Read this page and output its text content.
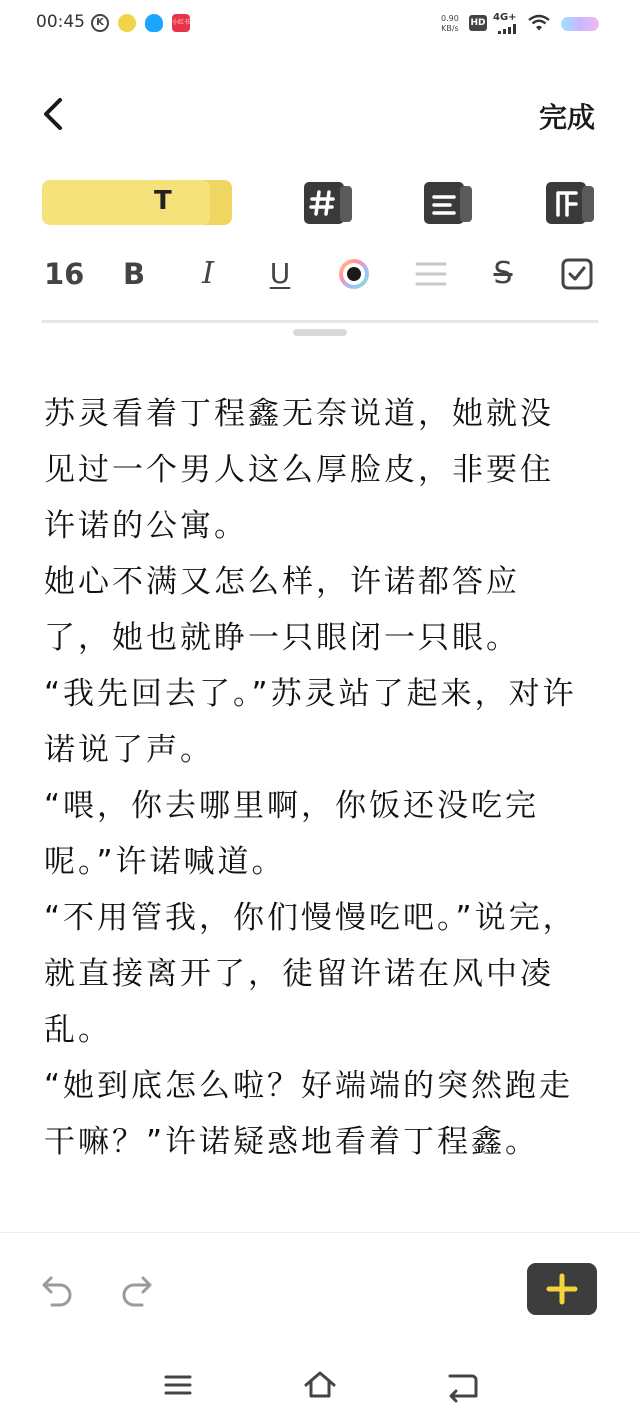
00:45	K	小红书	0.90
KB/s
HD 4G+
完成
T
16 B	I	U	S

苏灵看着丁程鑫无奈说道，她就没见过一个男人这么厚脸皮，非要住许诺的公寓。

她心不满又怎么样，许诺都答应了，她也就睁一只眼闭一只眼。

“我先回去了。”苏灵站了起来，对许诺说了声。

“喂，你去哪里啊，你饭还没吃完呢。”许诺喊道。

“不用管我，你们慢慢吃吧。”说完，就直接离开了，徒留许诺在风中凌乱。

“她到底怎么啦？好端端的突然跑走干嘛？”许诺疑惑地看着丁程鑫。
